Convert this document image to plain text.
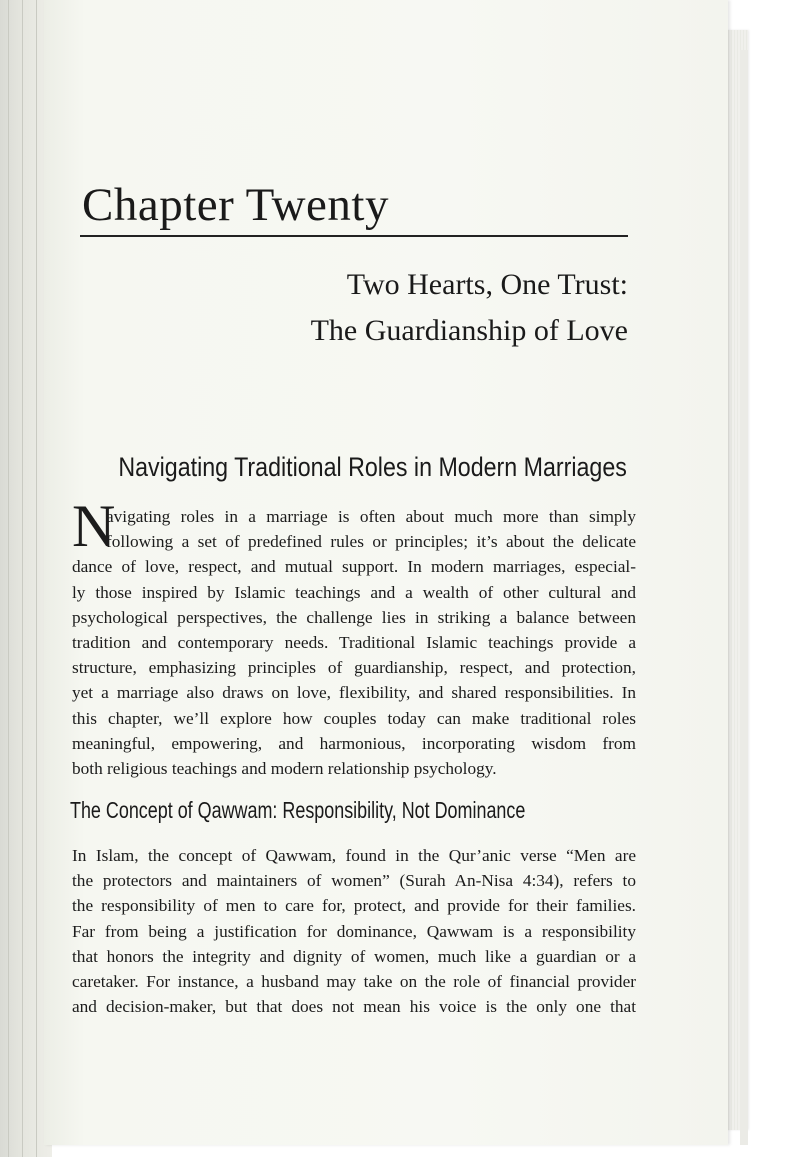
Chapter Twenty
Two Hearts, One Trust:
The Guardianship of Love
Navigating Traditional Roles in Modern Marriages
N
avigating roles in a marriage is often about much more than simply
following a set of predefined rules or principles; it’s about the delicate
dance of love, respect, and mutual support. In modern marriages, especial-
ly those inspired by Islamic teachings and a wealth of other cultural and
psychological perspectives, the challenge lies in striking a balance between
tradition and contemporary needs. Traditional Islamic teachings provide a
structure, emphasizing principles of guardianship, respect, and protection,
yet a marriage also draws on love, flexibility, and shared responsibilities. In
this chapter, we’ll explore how couples today can make traditional roles
meaningful, empowering, and harmonious, incorporating wisdom from
both religious teachings and modern relationship psychology.
The Concept of Qawwam: Responsibility, Not Dominance
In Islam, the concept of Qawwam, found in the Qur’anic verse “Men are
the protectors and maintainers of women” (Surah An-Nisa 4:34), refers to
the responsibility of men to care for, protect, and provide for their families.
Far from being a justification for dominance, Qawwam is a responsibility
that honors the integrity and dignity of women, much like a guardian or a
caretaker. For instance, a husband may take on the role of financial provider
and decision-maker, but that does not mean his voice is the only one that
